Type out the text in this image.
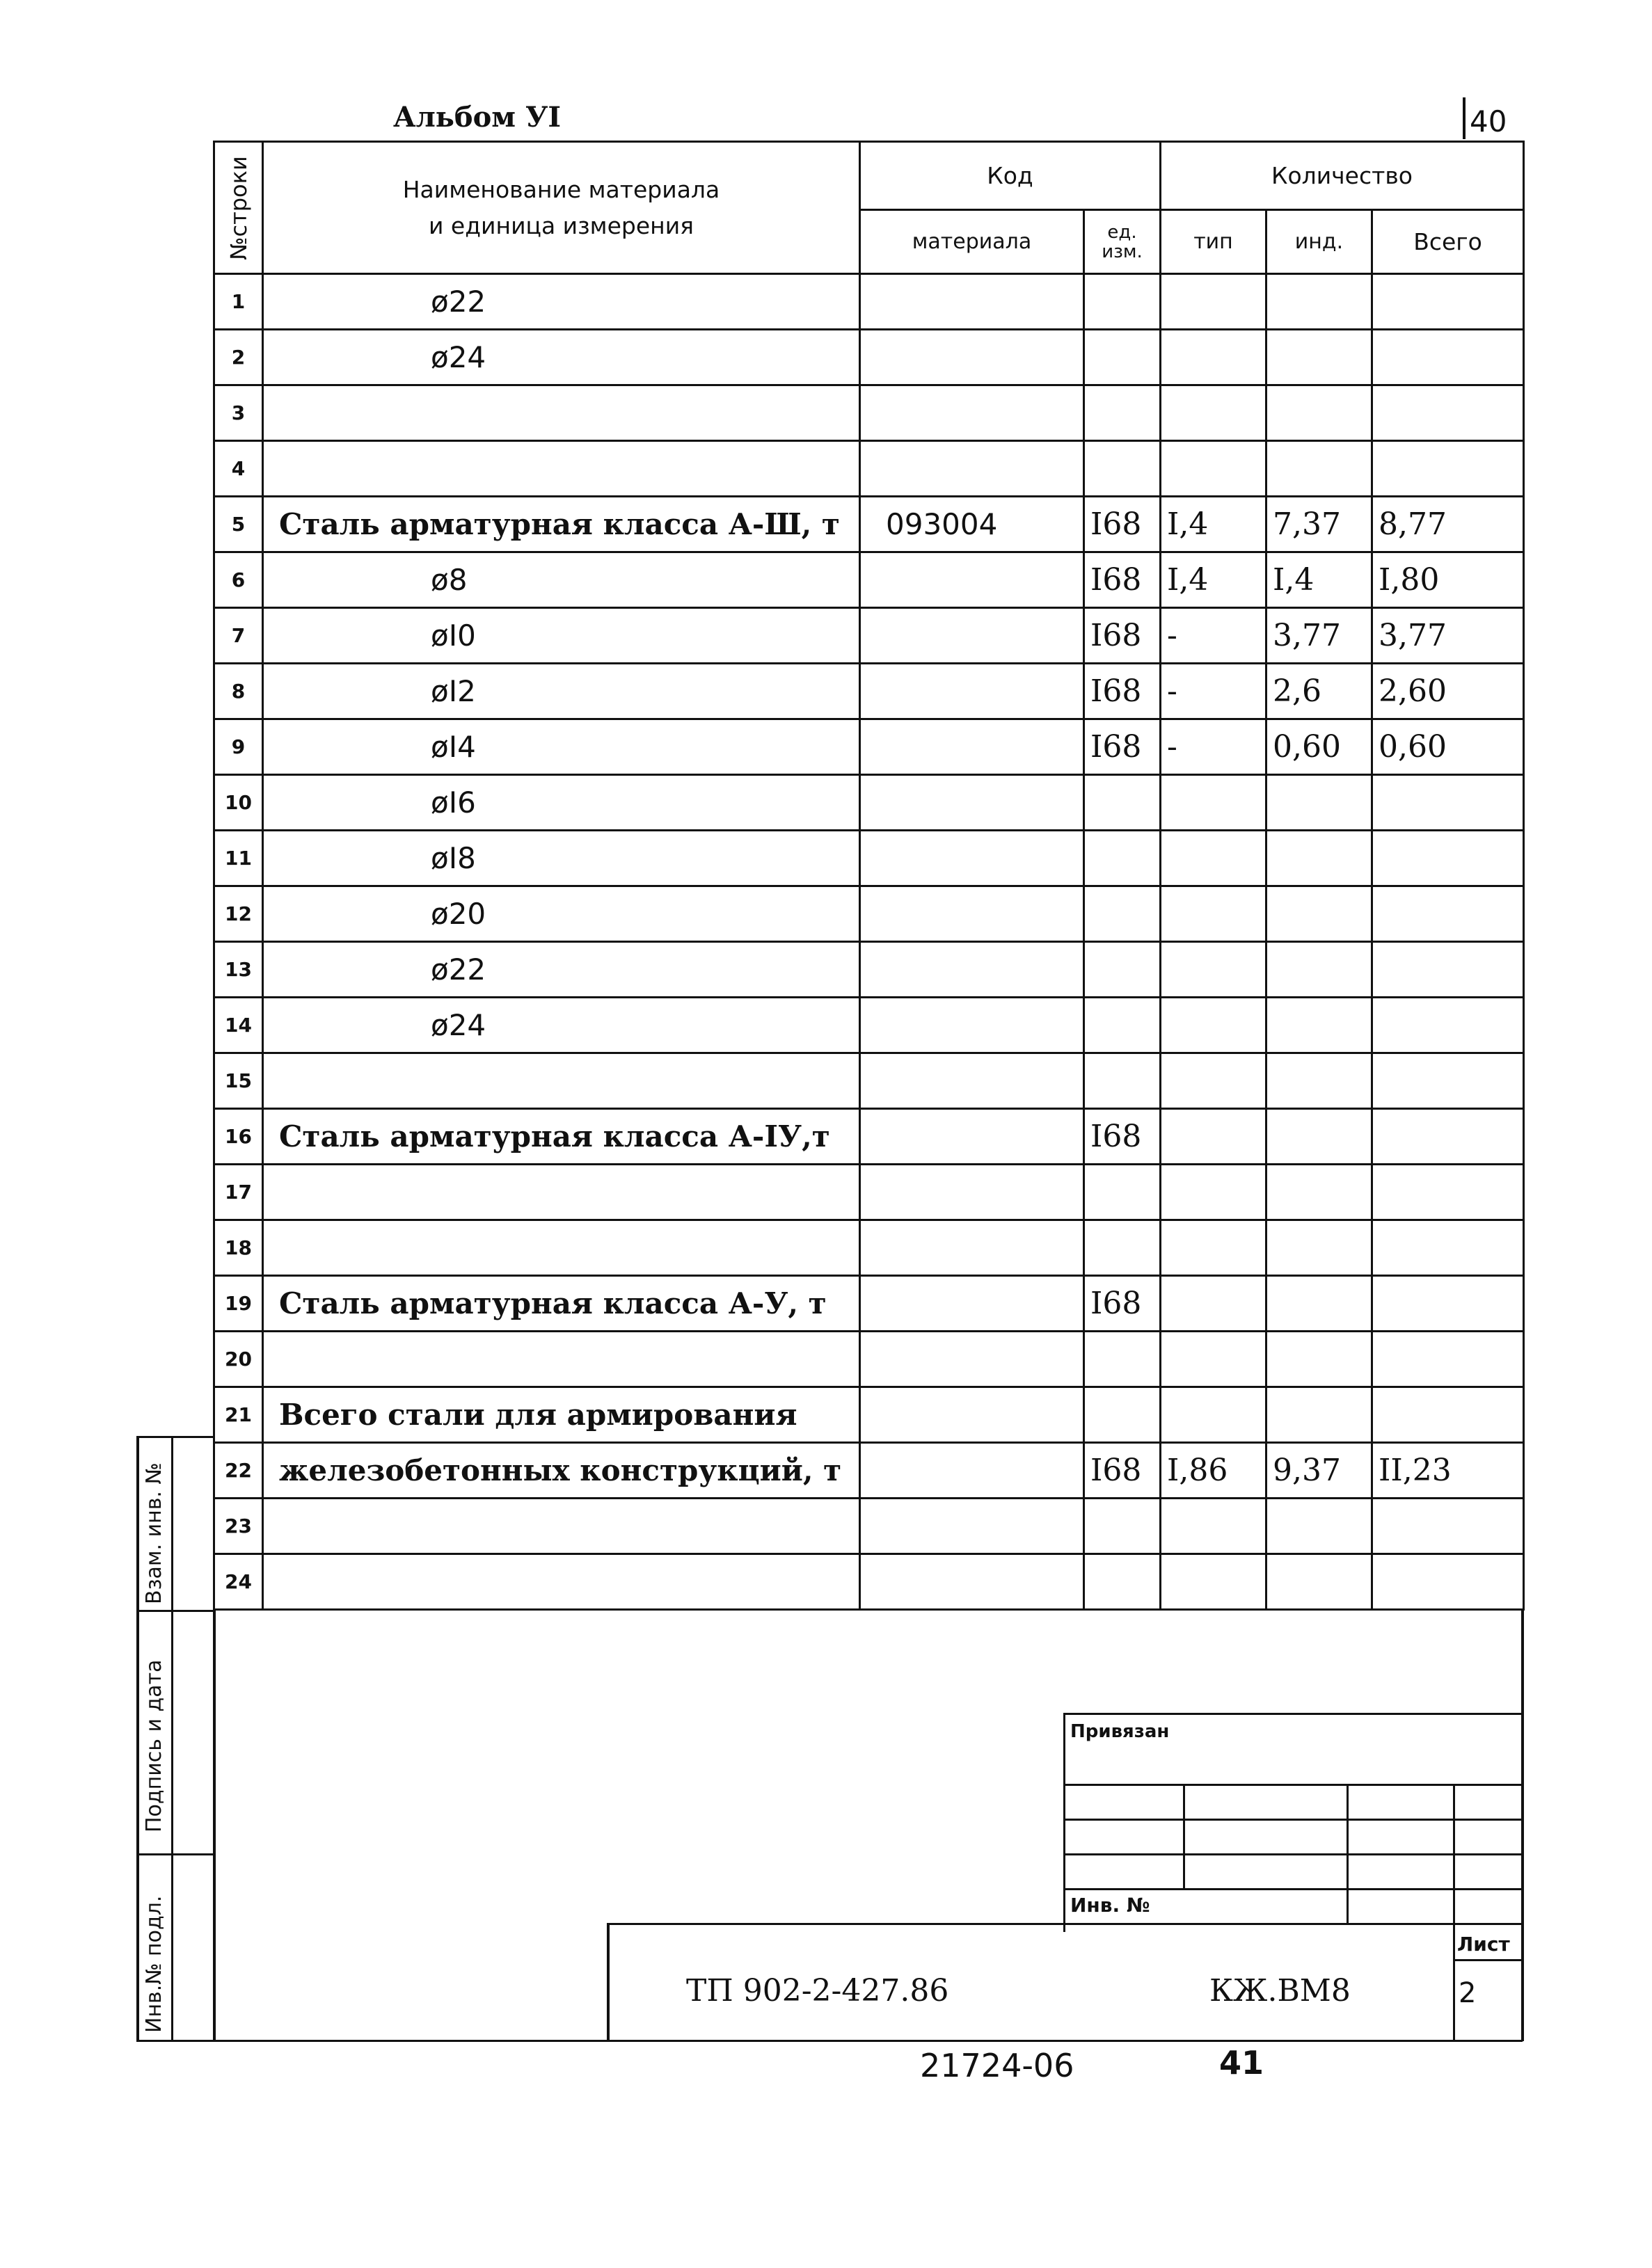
Альбом УI	40
№строки	Наименование материала
и единица измерения	Код		Количество		
		материала	ед. изм.	тип	инд.	Всего
1	ø22					
2	ø24					
3						
4						
5	Сталь арматурная класса А-Ш, т	093004	I68	I,4	7,37	8,77
6	ø8		I68	I,4	I,4	I,80
7	øI0		I68	-	3,77	3,77
8	øI2		I68	-	2,6	2,60
9	øI4		I68	-	0,60	0,60
10	øI6					
11	øI8					
12	ø20					
13	ø22					
14	ø24					
15						
16	Сталь арматурная класса А-IУ,т		I68			
17						
18						
19	Сталь арматурная класса А-У, т		I68			
20						
21	Всего стали для армирования					
22	железобетонных конструкций, т		I68	I,86	9,37	II,23
23						
24						
Взам. инв. №
Подпись и дата
Инв.№ подл.
Привязан
Инв. №
Лист
2
ТП 902-2-427.86	КЖ.ВМ8
21724-06	41
